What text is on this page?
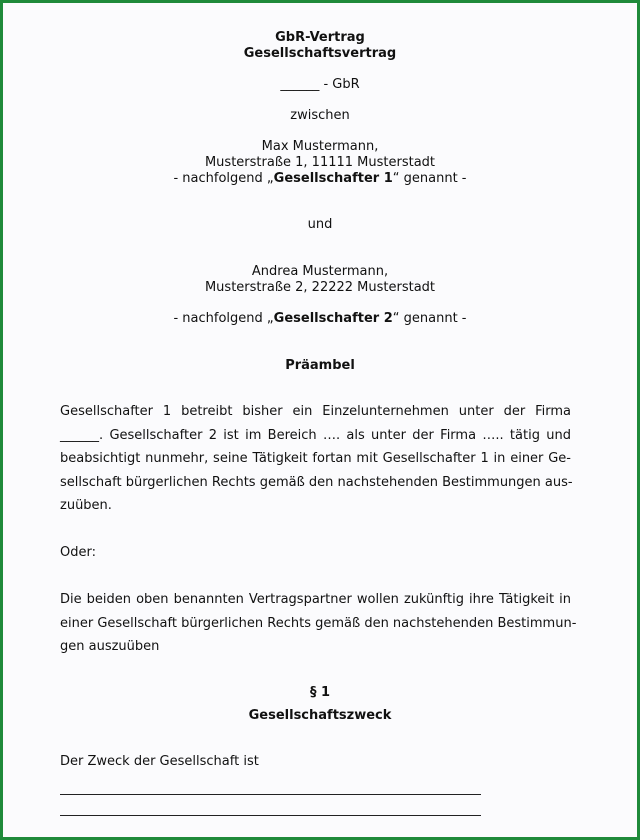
GbR-Vertrag
Gesellschaftsvertrag
______ - GbR
zwischen
Max Mustermann,
Musterstraße 1, 11111 Musterstadt
- nachfolgend „Gesellschafter 1“ genannt -
und
Andrea Mustermann,
Musterstraße 2, 22222 Musterstadt
- nachfolgend „Gesellschafter 2“ genannt -
Präambel
Gesellschafter 1 betreibt bisher ein Einzelunternehmen unter der Firma
______. Gesellschafter 2 ist im Bereich …. als unter der Firma ….. tätig und
beabsichtigt nunmehr, seine Tätigkeit fortan mit Gesellschafter 1 in einer Ge-
sellschaft bürgerlichen Rechts gemäß den nachstehenden Bestimmungen aus-
zuüben.
Oder:
Die beiden oben benannten Vertragspartner wollen zukünftig ihre Tätigkeit in
einer Gesellschaft bürgerlichen Rechts gemäß den nachstehenden Bestimmun-
gen auszuüben
§ 1
Gesellschaftszweck
Der Zweck der Gesellschaft ist
